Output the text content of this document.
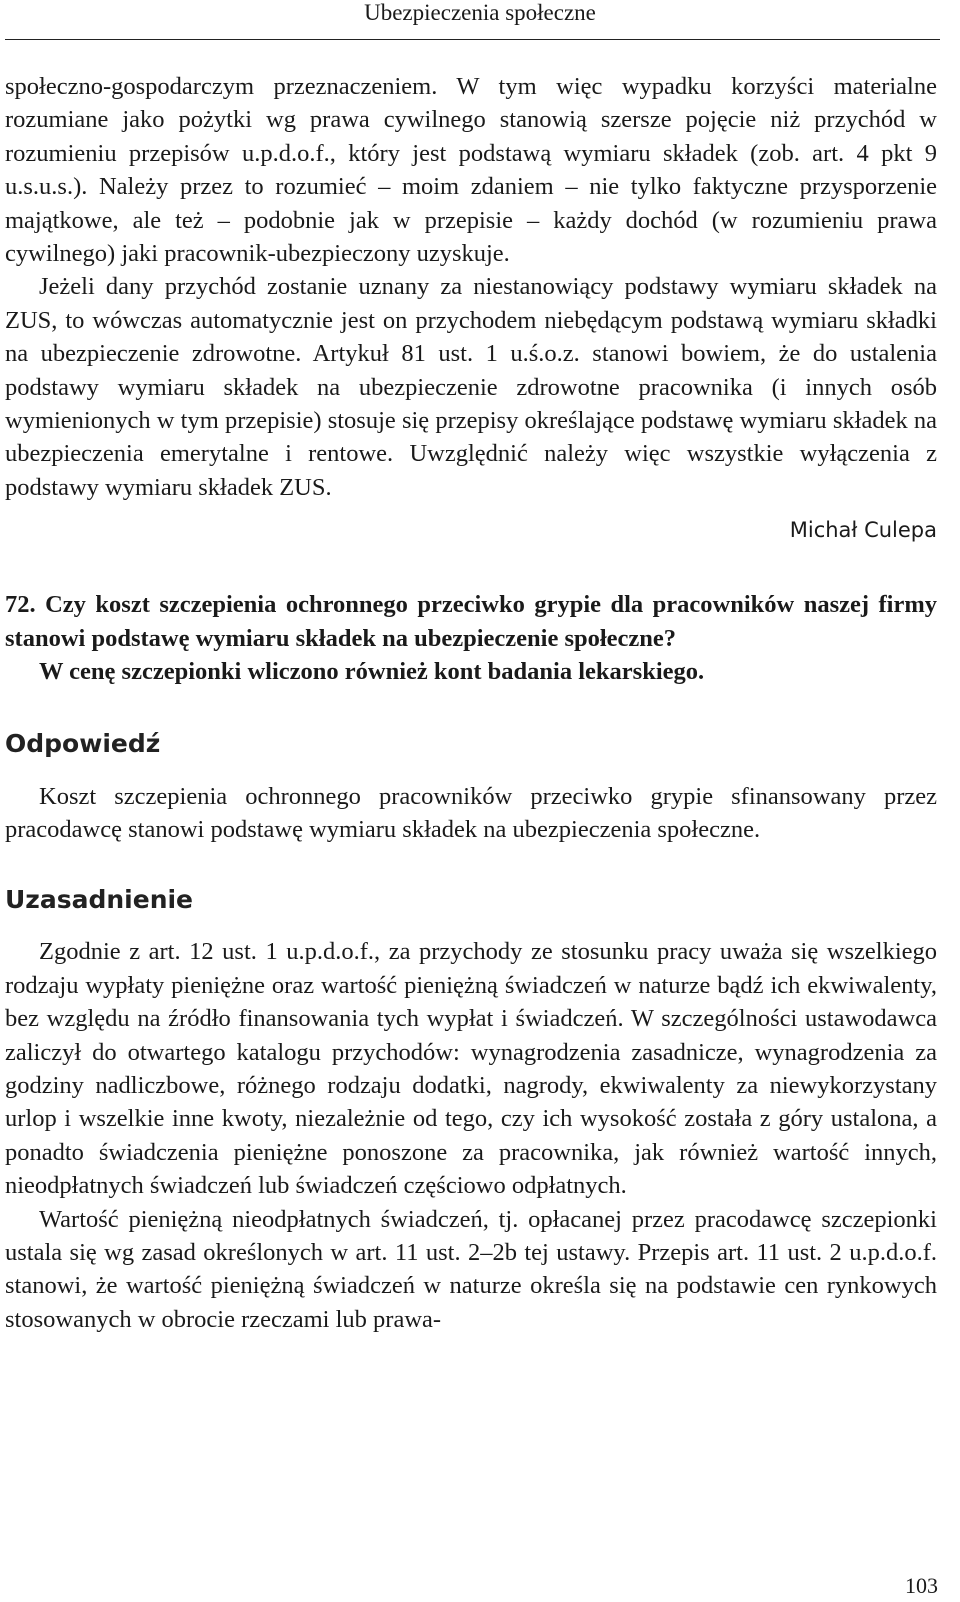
Ubezpieczenia społeczne

społeczno-gospodarczym przeznaczeniem. W tym więc wypadku korzyści materialne rozumiane jako pożytki wg prawa cywilnego stanowią szersze pojęcie niż przychód w rozumieniu przepisów u.p.d.o.f., który jest podstawą wymiaru składek (zob. art. 4 pkt 9 u.s.u.s.). Należy przez to rozumieć – moim zdaniem – nie tylko faktyczne przysporzenie majątkowe, ale też – podobnie jak w przepisie – każdy dochód (w rozumieniu prawa cywilnego) jaki pracownik-ubezpieczony uzyskuje.

Jeżeli dany przychód zostanie uznany za niestanowiący podstawy wymiaru składek na ZUS, to wówczas automatycznie jest on przychodem niebędącym podstawą wymiaru składki na ubezpieczenie zdrowotne. Artykuł 81 ust. 1 u.ś.o.z. stanowi bowiem, że do ustalenia podstawy wymiaru składek na ubezpieczenie zdrowotne pracownika (i innych osób wymienionych w tym przepisie) stosuje się przepisy określające podstawę wymiaru składek na ubezpieczenia emerytalne i rentowe. Uwzględnić należy więc wszystkie wyłączenia z podstawy wymiaru składek ZUS.

Michał Culepa

72. Czy koszt szczepienia ochronnego przeciwko grypie dla pracowników naszej firmy stanowi podstawę wymiaru składek na ubezpieczenie społeczne?

W cenę szczepionki wliczono również kont badania lekarskiego.

Odpowiedź

Koszt szczepienia ochronnego pracowników przeciwko grypie sfinansowany przez pracodawcę stanowi podstawę wymiaru składek na ubezpieczenia społeczne.

Uzasadnienie

Zgodnie z art. 12 ust. 1 u.p.d.o.f., za przychody ze stosunku pracy uważa się wszelkiego rodzaju wypłaty pieniężne oraz wartość pieniężną świadczeń w naturze bądź ich ekwiwalenty, bez względu na źródło finansowania tych wypłat i świadczeń. W szczególności ustawodawca zaliczył do otwartego katalogu przychodów: wynagrodzenia zasadnicze, wynagrodzenia za godziny nadliczbowe, różnego rodzaju dodatki, nagrody, ekwiwalenty za niewykorzystany urlop i wszelkie inne kwoty, niezależnie od tego, czy ich wysokość została z góry ustalona, a ponadto świadczenia pieniężne ponoszone za pracownika, jak również wartość innych, nieodpłatnych świadczeń lub świadczeń częściowo odpłatnych.

Wartość pieniężną nieodpłatnych świadczeń, tj. opłacanej przez pracodawcę szczepionki ustala się wg zasad określonych w art. 11 ust. 2–2b tej ustawy. Przepis art. 11 ust. 2 u.p.d.o.f. stanowi, że wartość pieniężną świadczeń w naturze określa się na podstawie cen rynkowych stosowanych w obrocie rzeczami lub prawa-

103
